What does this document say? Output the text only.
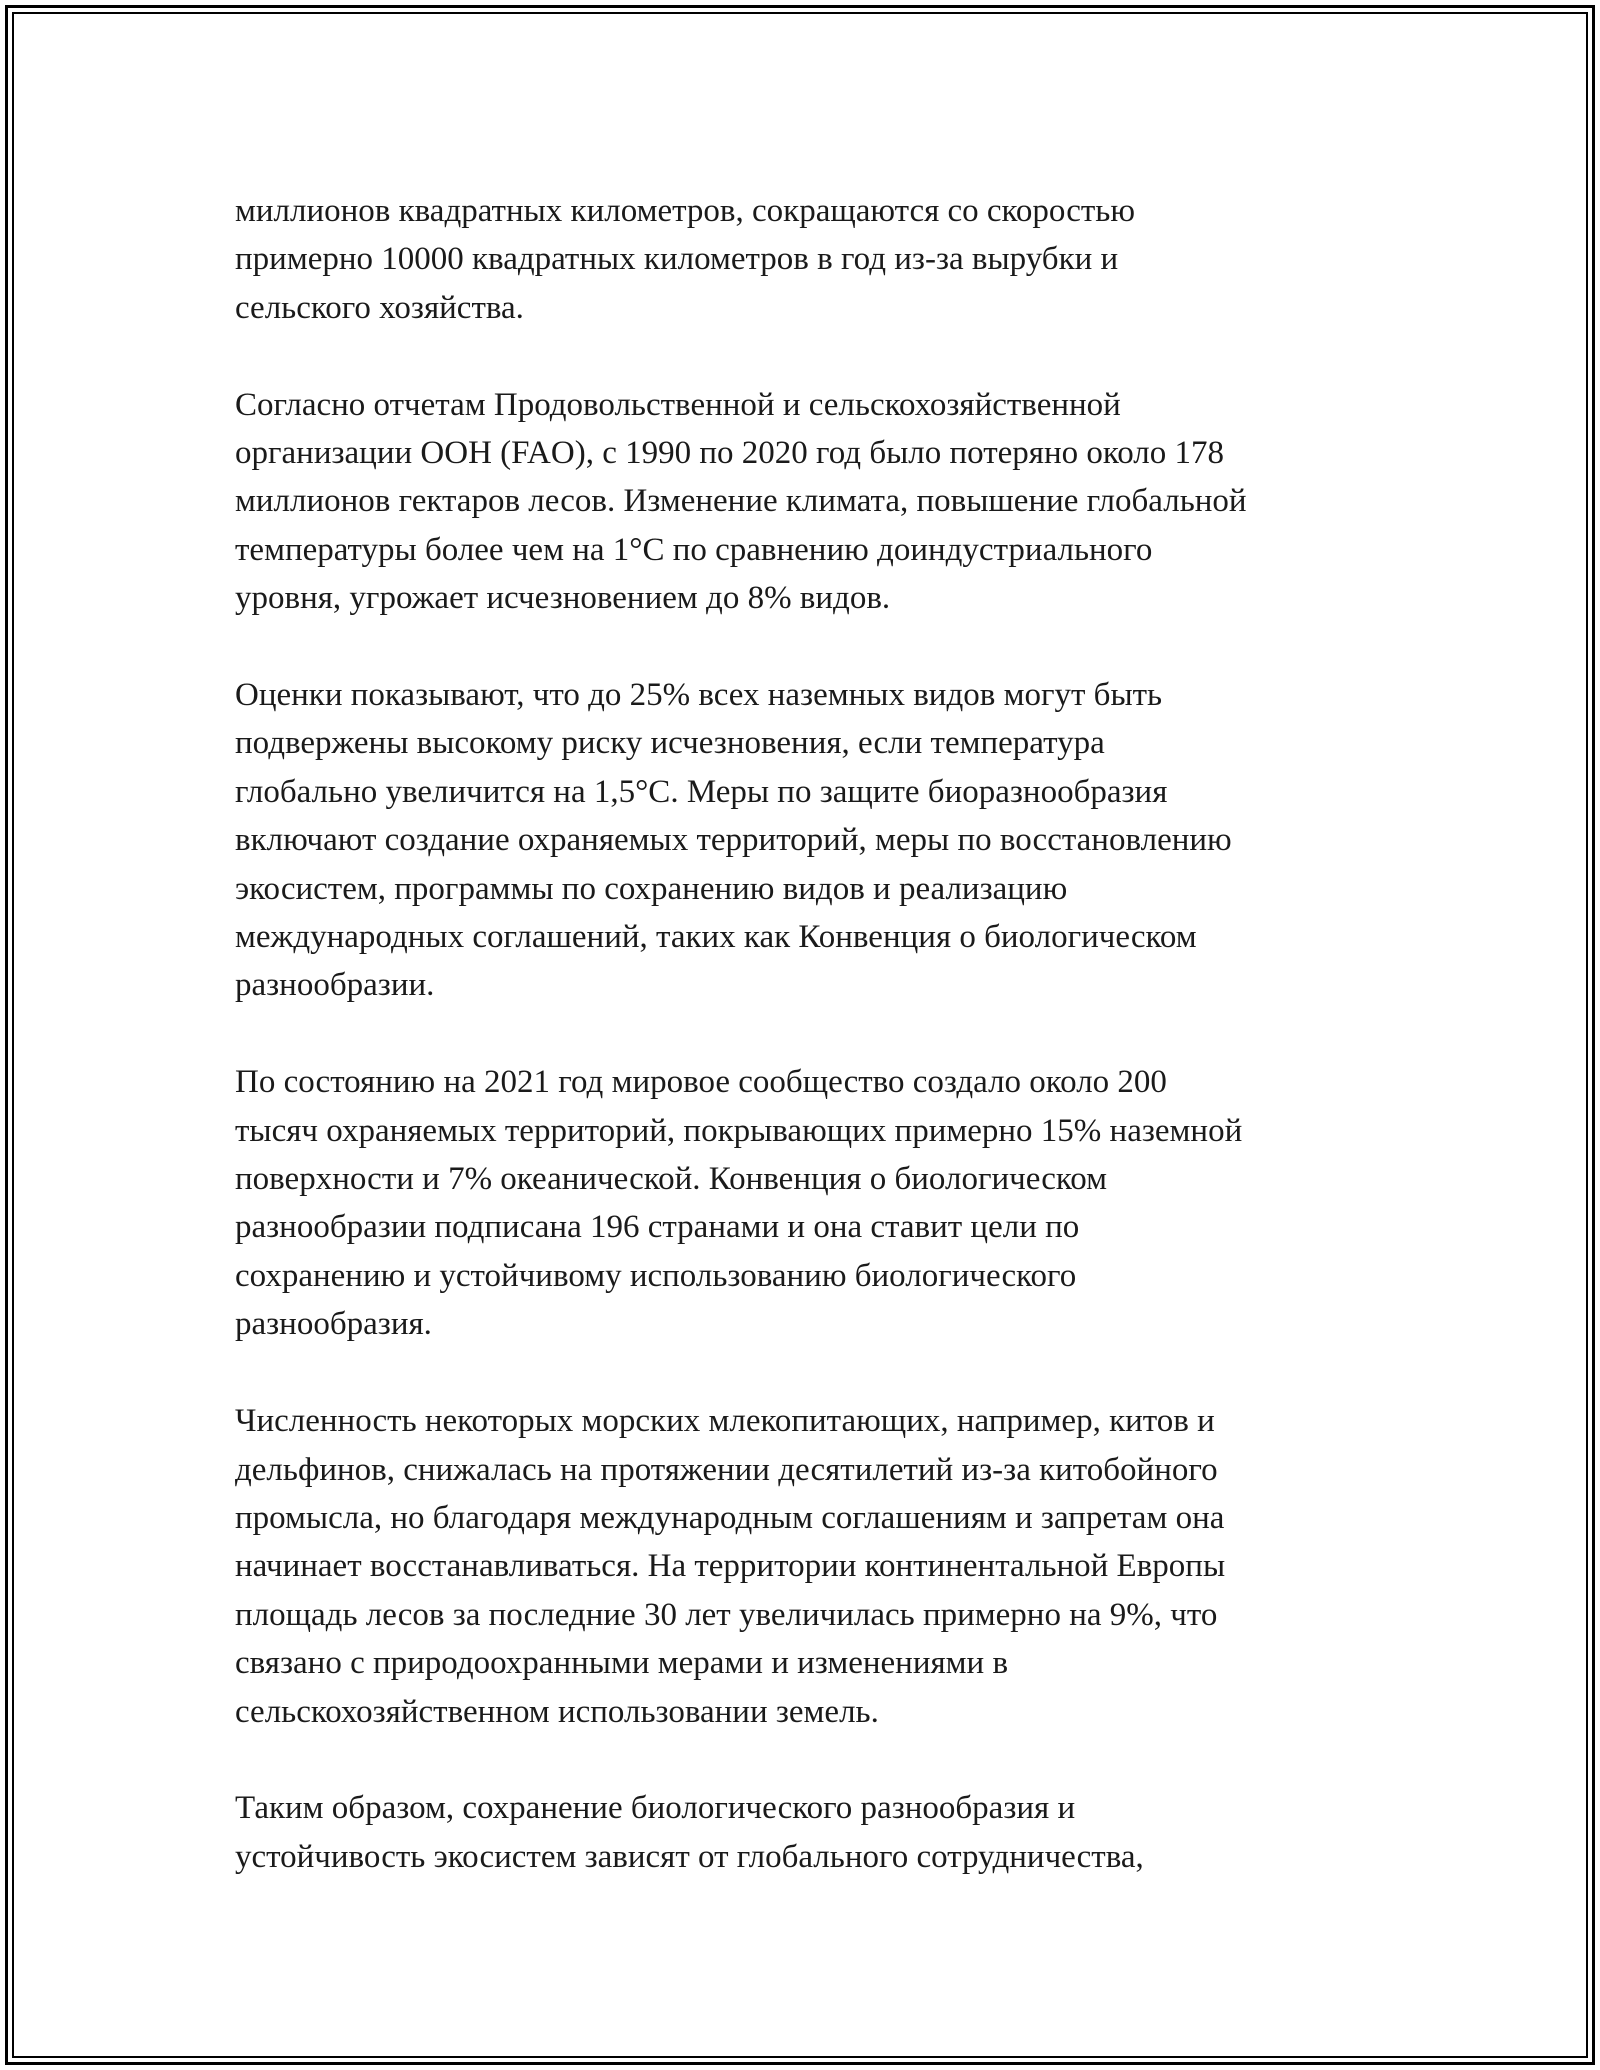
миллионов квадратных километров, сокращаются со скоростью
примерно 10000 квадратных километров в год из-за вырубки и
сельского хозяйства.

Согласно отчетам Продовольственной и сельскохозяйственной
организации ООН (FAO), с 1990 по 2020 год было потеряно около 178
миллионов гектаров лесов. Изменение климата, повышение глобальной
температуры более чем на 1°C по сравнению доиндустриального
уровня, угрожает исчезновением до 8% видов.

Оценки показывают, что до 25% всех наземных видов могут быть
подвержены высокому риску исчезновения, если температура
глобально увеличится на 1,5°C. Меры по защите биоразнообразия
включают создание охраняемых территорий, меры по восстановлению
экосистем, программы по сохранению видов и реализацию
международных соглашений, таких как Конвенция о биологическом
разнообразии.

По состоянию на 2021 год мировое сообщество создало около 200
тысяч охраняемых территорий, покрывающих примерно 15% наземной
поверхности и 7% океанической. Конвенция о биологическом
разнообразии подписана 196 странами и она ставит цели по
сохранению и устойчивому использованию биологического
разнообразия.

Численность некоторых морских млекопитающих, например, китов и
дельфинов, снижалась на протяжении десятилетий из-за китобойного
промысла, но благодаря международным соглашениям и запретам она
начинает восстанавливаться. На территории континентальной Европы
площадь лесов за последние 30 лет увеличилась примерно на 9%, что
связано с природоохранными мерами и изменениями в
сельскохозяйственном использовании земель.

Таким образом, сохранение биологического разнообразия и
устойчивость экосистем зависят от глобального сотрудничества,
